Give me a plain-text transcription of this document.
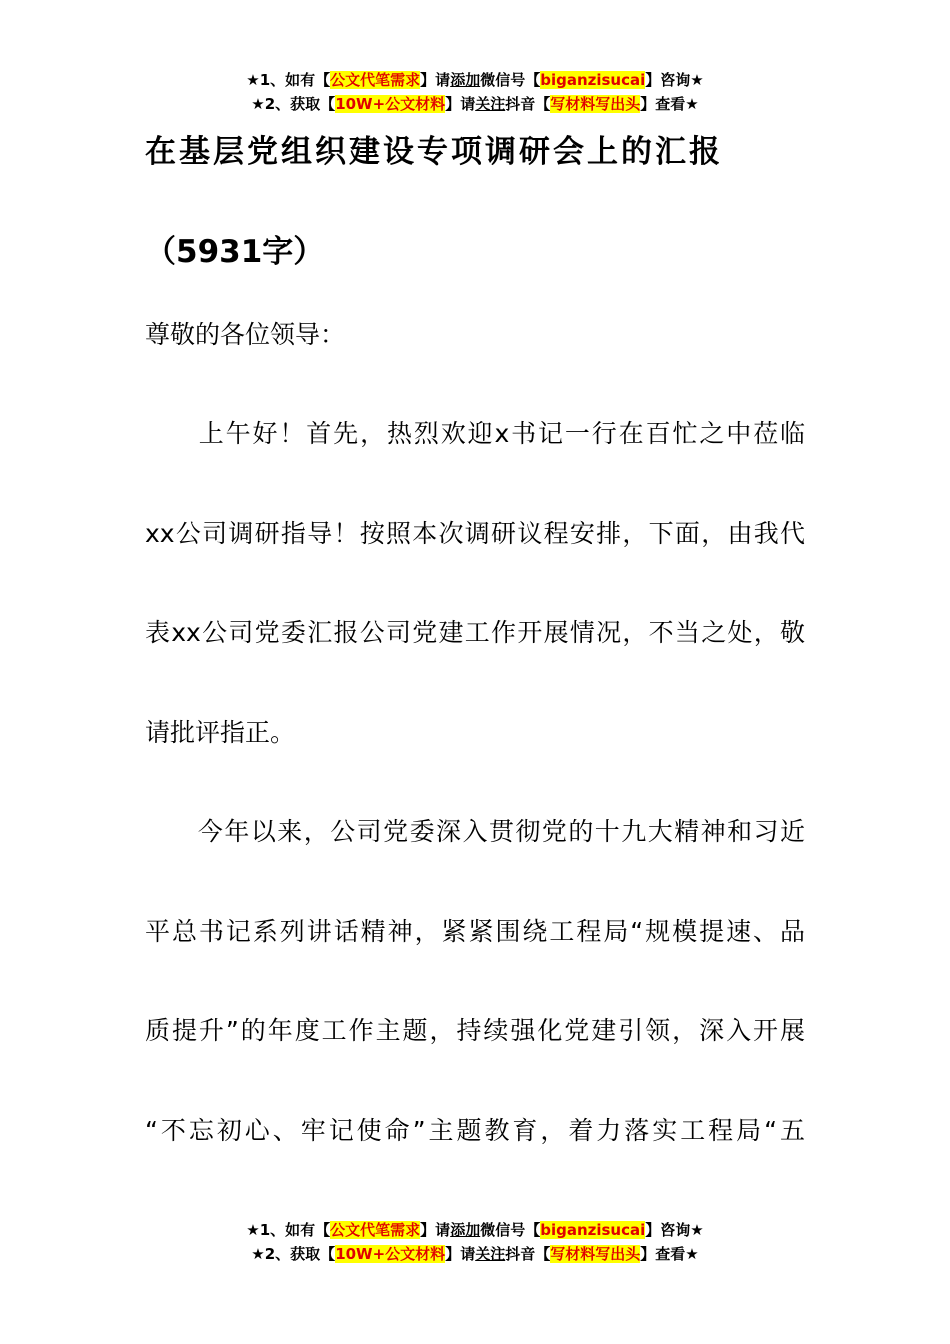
★1、如有【公文代笔需求】请添加微信号【biganzisucai】咨询★
★2、获取【10W+公文材料】请关注抖音【写材料写出头】查看★
在基层党组织建设专项调研会上的汇报
（5931字）
尊敬的各位领导：
　　上午好！首先，热烈欢迎x书记一行在百忙之中莅临
xx公司调研指导！按照本次调研议程安排，下面，由我代
表xx公司党委汇报公司党建工作开展情况，不当之处，敬
请批评指正。
　　今年以来，公司党委深入贯彻党的十九大精神和习近
平总书记系列讲话精神，紧紧围绕工程局“规模提速、品
质提升”的年度工作主题，持续强化党建引领，深入开展
“不忘初心、牢记使命”主题教育，着力落实工程局“五
★1、如有【公文代笔需求】请添加微信号【biganzisucai】咨询★
★2、获取【10W+公文材料】请关注抖音【写材料写出头】查看★
